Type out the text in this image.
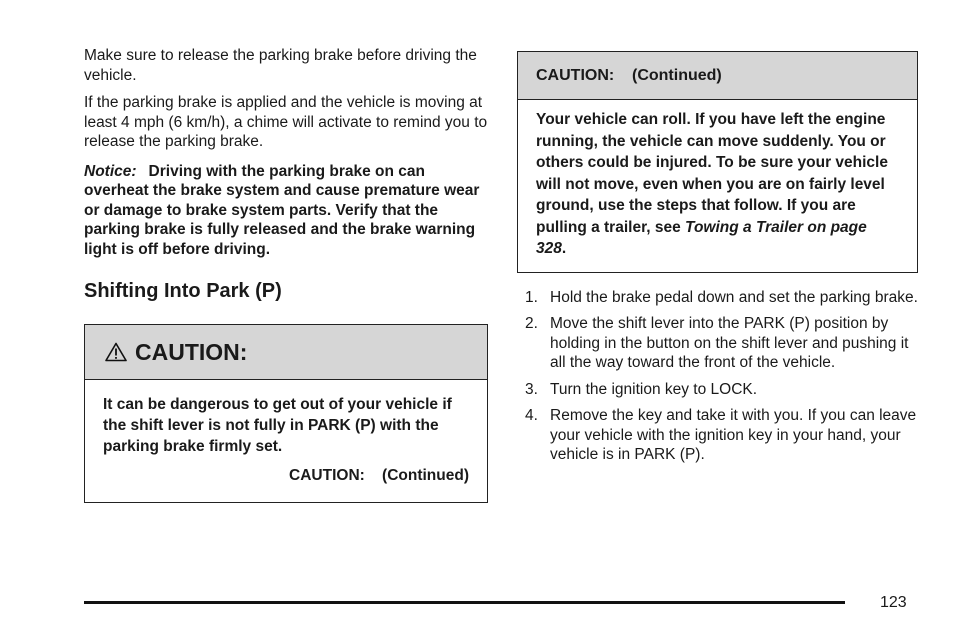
Make sure to release the parking brake before driving the vehicle.

If the parking brake is applied and the vehicle is moving at least 4 mph (6 km/h), a chime will activate to remind you to release the parking brake.

Notice: Driving with the parking brake on can overheat the brake system and cause premature wear or damage to brake system parts. Verify that the parking brake is fully released and the brake warning light is off before driving.

Shifting Into Park (P)
CAUTION:
It can be dangerous to get out of your vehicle if the shift lever is not fully in PARK (P) with the parking brake firmly set.
CAUTION:    (Continued)
CAUTION:    (Continued)
Your vehicle can roll. If you have left the engine running, the vehicle can move suddenly. You or others could be injured. To be sure your vehicle will not move, even when you are on fairly level ground, use the steps that follow. If you are pulling a trailer, see Towing a Trailer on page 328.
1. Hold the brake pedal down and set the parking brake.
2. Move the shift lever into the PARK (P) position by holding in the button on the shift lever and pushing it all the way toward the front of the vehicle.
3. Turn the ignition key to LOCK.
4. Remove the key and take it with you. If you can leave your vehicle with the ignition key in your hand, your vehicle is in PARK (P).
123
